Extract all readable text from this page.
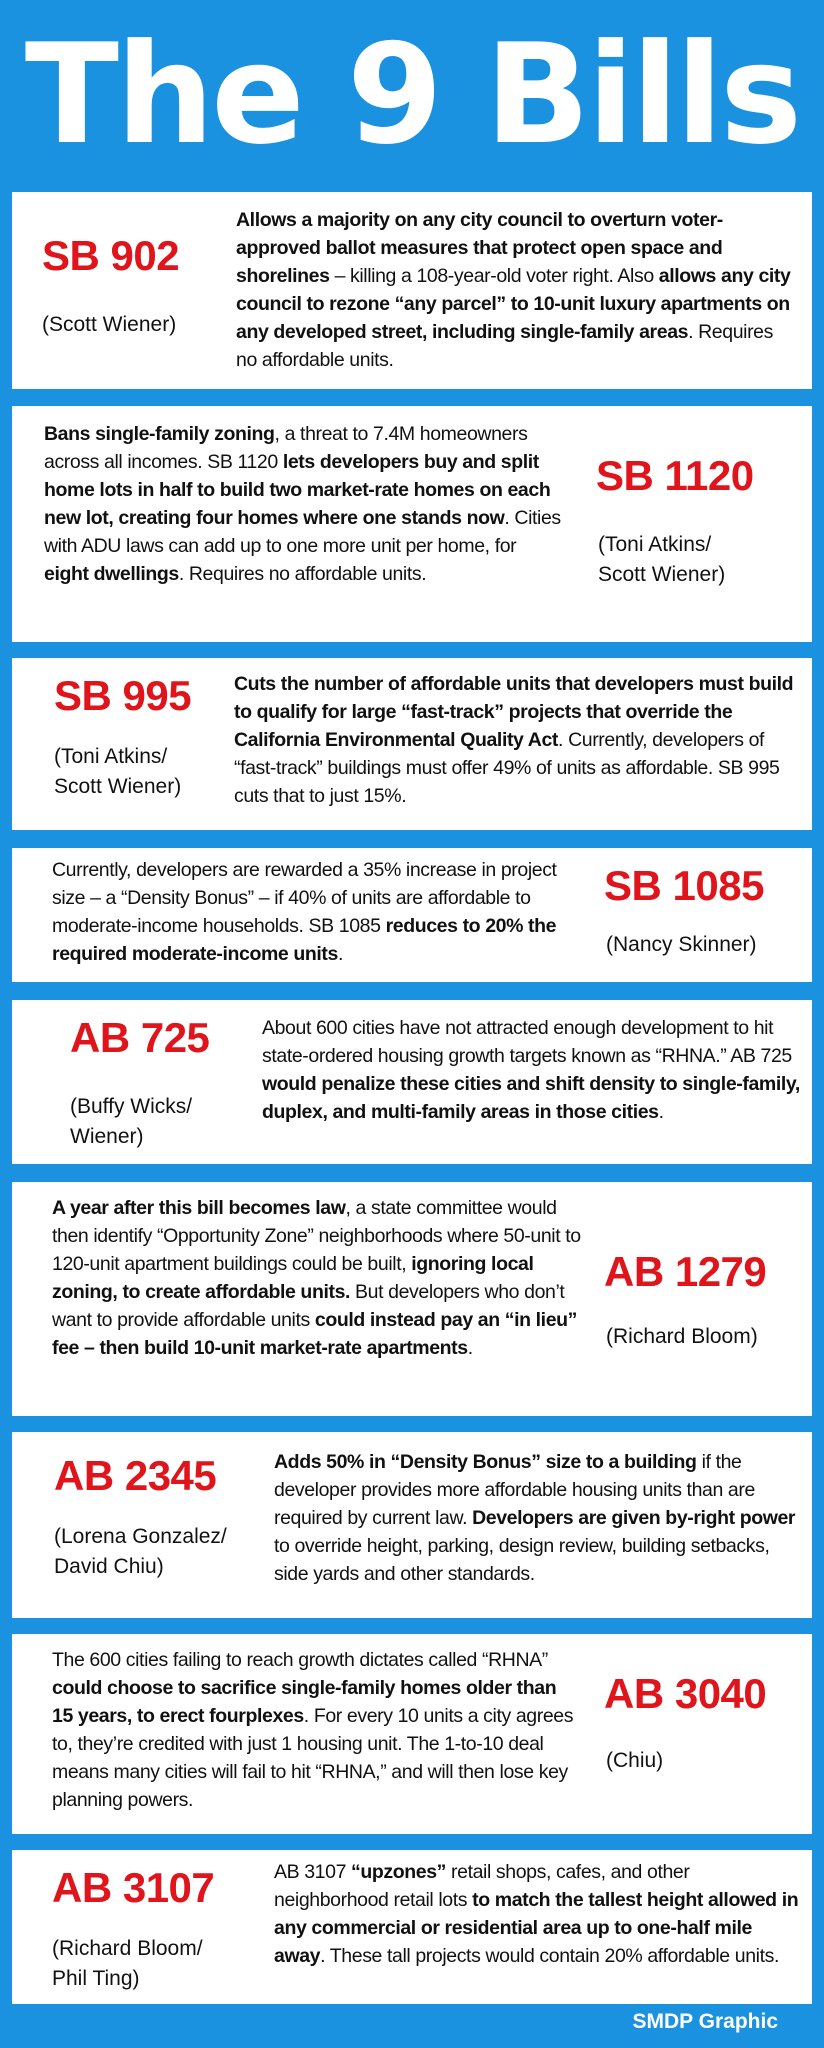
The 9 Bills
SB 902
(Scott Wiener)
Allows a majority on any city council to overturn voter-approved ballot measures that protect open space and shorelines – killing a 108-year-old voter right. Also allows any city council to rezone “any parcel” to 10-unit luxury apartments on any developed street, including single-family areas. Requires no affordable units.
Bans single-family zoning, a threat to 7.4M homeowners across all incomes. SB 1120 lets developers buy and split home lots in half to build two market-rate homes on each new lot, creating four homes where one stands now. Cities with ADU laws can add up to one more unit per home, for eight dwellings. Requires no affordable units.
SB 1120
(Toni Atkins/ Scott Wiener)
SB 995
(Toni Atkins/ Scott Wiener)
Cuts the number of affordable units that developers must build to qualify for large “fast-track” projects that override the California Environmental Quality Act. Currently, developers of “fast-track” buildings must offer 49% of units as affordable. SB 995 cuts that to just 15%.
Currently, developers are rewarded a 35% increase in project size – a “Density Bonus” – if 40% of units are affordable to moderate-income households. SB 1085 reduces to 20% the required moderate-income units.
SB 1085
(Nancy Skinner)
AB 725
(Buffy Wicks/ Wiener)
About 600 cities have not attracted enough development to hit state-ordered housing growth targets known as “RHNA.” AB 725 would penalize these cities and shift density to single-family, duplex, and multi-family areas in those cities.
A year after this bill becomes law, a state committee would then identify “Opportunity Zone” neighborhoods where 50-unit to 120-unit apartment buildings could be built, ignoring local zoning, to create affordable units. But developers who don’t want to provide affordable units could instead pay an “in lieu” fee – then build 10-unit market-rate apartments.
AB 1279
(Richard Bloom)
AB 2345
(Lorena Gonzalez/ David Chiu)
Adds 50% in “Density Bonus” size to a building if the developer provides more affordable housing units than are required by current law. Developers are given by-right power to override height, parking, design review, building setbacks, side yards and other standards.
The 600 cities failing to reach growth dictates called “RHNA” could choose to sacrifice single-family homes older than 15 years, to erect fourplexes. For every 10 units a city agrees to, they’re credited with just 1 housing unit. The 1-to-10 deal means many cities will fail to hit “RHNA,” and will then lose key planning powers.
AB 3040
(Chiu)
AB 3107
(Richard Bloom/ Phil Ting)
AB 3107 “upzones” retail shops, cafes, and other neighborhood retail lots to match the tallest height allowed in any commercial or residential area up to one-half mile away. These tall projects would contain 20% affordable units.
SMDP Graphic
